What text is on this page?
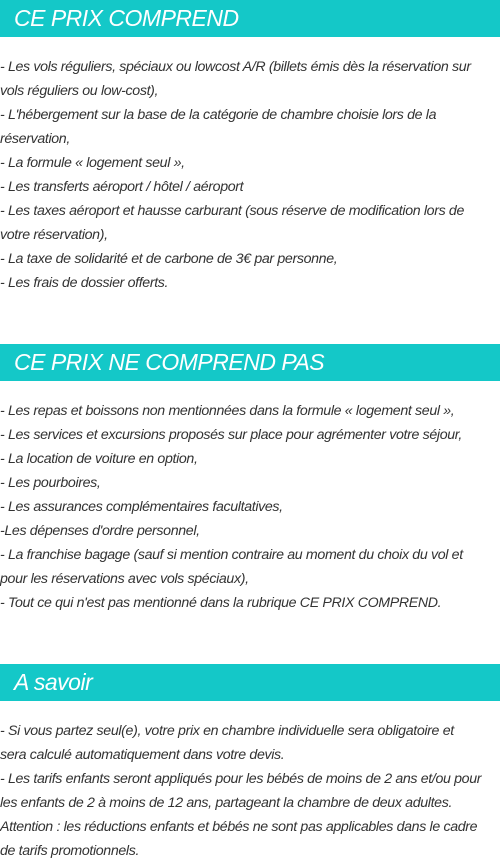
CE PRIX COMPREND
- Les vols réguliers, spéciaux ou lowcost A/R (billets émis dès la réservation sur
vols réguliers ou low-cost),
- L'hébergement sur la base de la catégorie de chambre choisie lors de la
réservation,
- La formule « logement seul »,
- Les transferts aéroport / hôtel / aéroport
- Les taxes aéroport et hausse carburant (sous réserve de modification lors de
votre réservation),
- La taxe de solidarité et de carbone de 3€ par personne,
- Les frais de dossier offerts.
CE PRIX NE COMPREND PAS
- Les repas et boissons non mentionnées dans la formule « logement seul »,
- Les services et excursions proposés sur place pour agrémenter votre séjour,
- La location de voiture en option,
- Les pourboires,
- Les assurances complémentaires facultatives,
-Les dépenses d'ordre personnel,
- La franchise bagage (sauf si mention contraire au moment du choix du vol et
pour les réservations avec vols spéciaux),
- Tout ce qui n'est pas mentionné dans la rubrique CE PRIX COMPREND.
A savoir
- Si vous partez seul(e), votre prix en chambre individuelle sera obligatoire et
sera calculé automatiquement dans votre devis.
- Les tarifs enfants seront appliqués pour les bébés de moins de 2 ans et/ou pour
les enfants de 2 à moins de 12 ans, partageant la chambre de deux adultes.
Attention : les réductions enfants et bébés ne sont pas applicables dans le cadre
de tarifs promotionnels.
